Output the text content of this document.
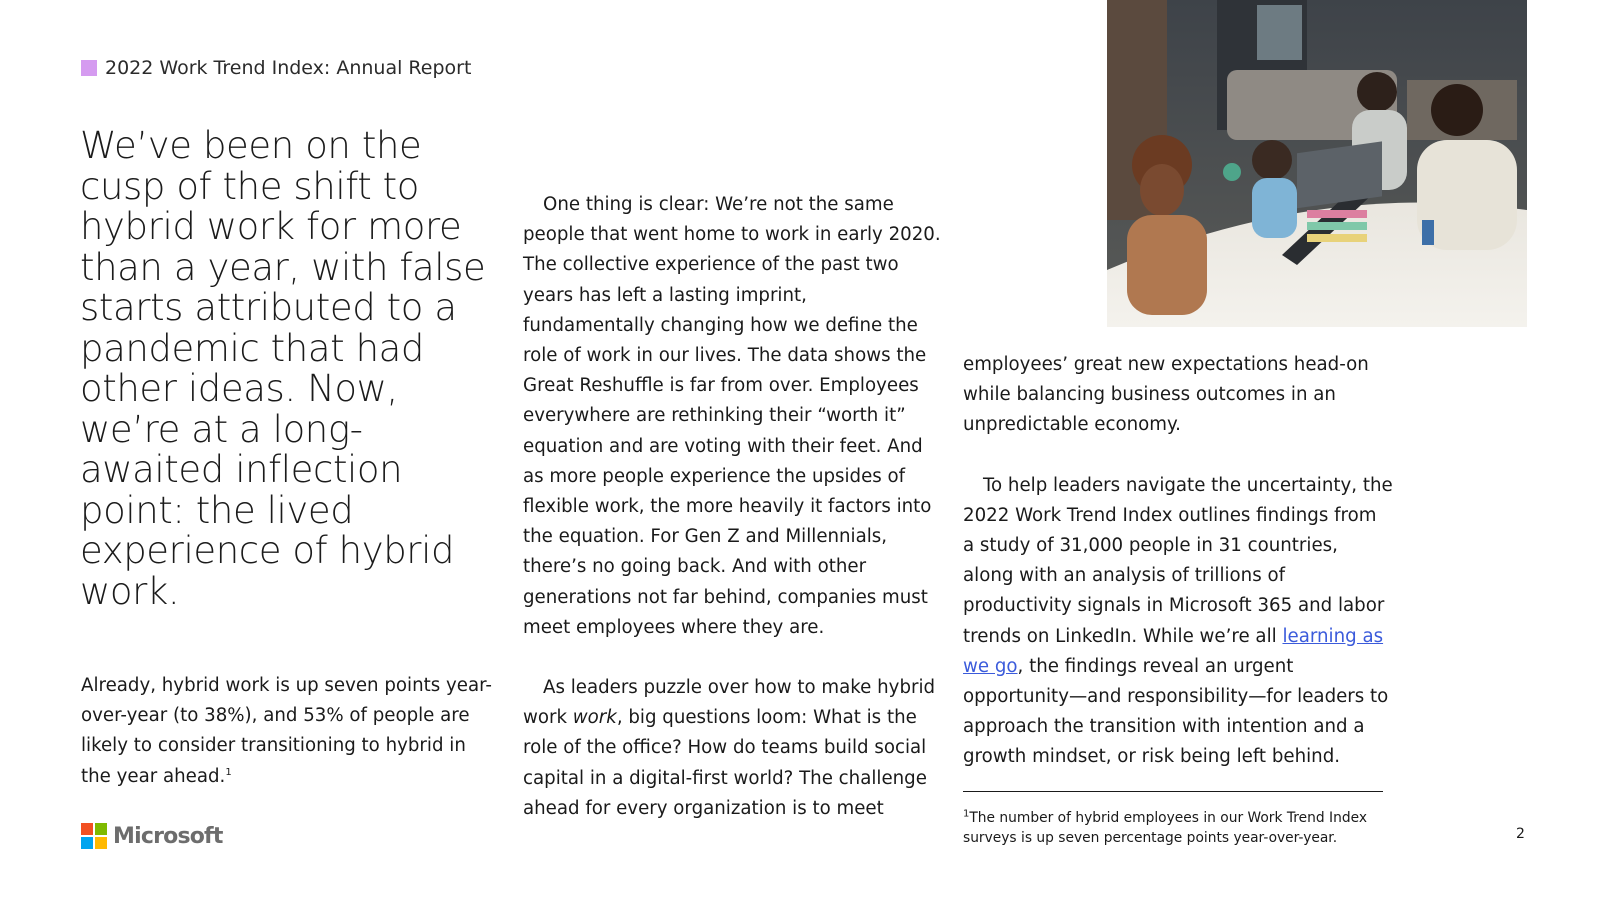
2022 Work Trend Index: Annual Report
We’ve been on the cusp of the shift to hybrid work for more than a year, with false starts attributed to a pandemic that had other ideas. Now, we’re at a long-awaited inflection point: the lived experience of hybrid work.

Already, hybrid work is up seven points year-over-year (to 38%), and 53% of people are likely to consider transitioning to hybrid in the year ahead.$^1$

One thing is clear: We’re not the same people that went home to work in early 2020. The collective experience of the past two years has left a lasting imprint, fundamentally changing how we define the role of work in our lives. The data shows the Great Reshuffle is far from over. Employees everywhere are rethinking their “worth it” equation and are voting with their feet. And as more people experience the upsides of flexible work, the more heavily it factors into the equation. For Gen Z and Millennials, there’s no going back. And with other generations not far behind, companies must meet employees where they are.

As leaders puzzle over how to make hybrid work work, big questions loom: What is the role of the office? How do teams build social capital in a digital-first world? The challenge ahead for every organization is to meet

employees’ great new expectations head-on while balancing business outcomes in an unpredictable economy.

To help leaders navigate the uncertainty, the 2022 Work Trend Index outlines findings from a study of 31,000 people in 31 countries, along with an analysis of trillions of productivity signals in Microsoft 365 and labor trends on LinkedIn. While we’re all learning as we go, the findings reveal an urgent opportunity—and responsibility—for leaders to approach the transition with intention and a growth mindset, or risk being left behind.

$^1$The number of hybrid employees in our Work Trend Index surveys is up seven percentage points year-over-year.	2
Microsoft
